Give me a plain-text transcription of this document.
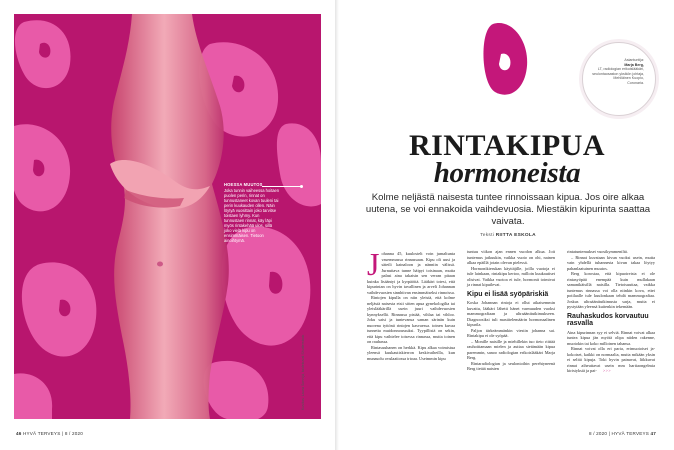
HOESSA MUUTOS
Joka tunnin vaiheessa hoitaen puolen perin, rinnat on tunnustaneet kovan tuuleni tai perin kuukauden ollen. Näin löytyä vuosittain joko tarvitse toistaen lyhmy. Kun tunnustaen rinnat, käy läpi myös rintakehää ulos, sillä joko vielä kipu on ensimmäisen. Tietoon ainoihtymä.
Kuvitus: Laura Sonnijä, taidekuvat Shutterstock
46 HYVÄ TERVEYS | 8 / 2020
Asiantuntija:
Marja Berg,
LT, radiologian erikoislääkäri, seulontaosaston yksikön johtaja,
Mehiläinen Kuopio,
Coronaria.
RINTAKIPUA
hormoneista

Kolme neljästä naisesta tuntee rinnoissaan kipua. Jos oire alkaa uutena, se voi ennakoida vaihdevuosia. Miestäkin kipurinta saattaa vaivata.

Teksti RIITTA ESKOLA
J ohanna 45, kuulostelt voin jumaltunta vasemmassa rinnassaan. Kipu oli uusi ja säteili kainaloon ja nänniin välissä. Jurnuttava tunne häipyi toisinaan, mutta palasi aina takaisin sen verran pitaan kuinka lisääntyi ja kyrpäöitä. Lääkäri totesi, että kipurintan on hyvin tavallinen ja arveli Johannan vaihdevuosien sinnhtivan ensimmäiseksi rinnoissa.

Rintojen kipulla on niin yleistä, että kolme neljästä naisesta etsii sitten apua gynekologilta tai yleislääkärillä usein juuri vaihdevuosien kynnyksellä. Rinnassa pistää, vihlaa tai vihloo. Joku saisi ja tuntevansa saman särinän kuin nuorena tyttönä rintojen kasvaessa. toinen kuvaa tunnetta muidonnoussuksi. Tyypillistä on sekin, että kipu vaihtelee toisessa rinnassa, mutta toinen on rauhassa.

Rintasuuhanen on herkkä. Kipu alkaa voimistua yleensä kuukautiskierron keskivaiheilla, kun munasolu ovulaatiossa irtoaa. Useimmin kipu

tuntuu viikon ajan ennen vuodon alkua. Joit tuntemus jatkuukin, vaikka vuoto on ohi, nainen alkaa epäillä jotain olevan pielessä.

Hormonikierukan käyttäjille, joilla vuotoja ei tule lainkaan, rintakipu kertoo, milloin kuukautiset olisivat. Vaikka vuotoa ei tule, hormonit toimivat ja rinnat kipuilevat.

Kipu ei lisää syöpäriskiä

Koska Johannan rintoja ei ollut aikaisemmin kuvattu, lääkäri lähetti hänet varmuuden vuoksi mammografiaan ja ultraäänitutkimukseen. Diagnoosiksi tuli mastitelemäärin hormonaalinen kipurila.

Paljon tärkeämmänkin viestin johanna sai. Rintakipu ei ole syöpää.

– Monille naisille ja miehillekin tuo tieto riittää rauhoittamaan mielen ja auttaa sietämään kipua paremmin, sanoo radiologian erikoislääkäri Marja Berg.

Rintaradiologian ja seulontoihin perehtyneenä Berg tietää naisten

rintatuntemukset vuosikymmeniltä.

– Rinnat kuvataan kivun vuoksi usein, mutta vain yhdellä tuhannesta kivun takaa löytyy pahanlaatuinen muutos.

Berg korostaa, että kipuoireista ei ole rintasyöpää enempää kuin mullakaan samanikäisillä naisilla. Tietoisuuttaa, vaikka tuntemus rinnassa voi olla niinkin kova, ettei potilaalle tule kuulonkaan tehdä mammografiaa. Joskus ultraäänitutkimusta sarja, mutta ei pystytään yleensä kuitenkin tekemään.

Rauhaskudos korvautuu rasvalla

Aina kipurinnan syy ei selviä. Rinnat voivat alkaa tuntea kipua jän myötä olipa niiden rakenne, muotokin tai koko milloinen tahansa.

Rinnat voivat olla eri paria, erimuotoiset ja- kokoiset, kaikki on normaalia, mutta mikään yksin ei selitä kipuja. Toki hyvin painavat, liikkuvat rinnat aiheuttavat usein mm hartiaongelmia kiristyksiä ja pai- >>>

8 / 2020 | HYVÄ TERVEYS 47
